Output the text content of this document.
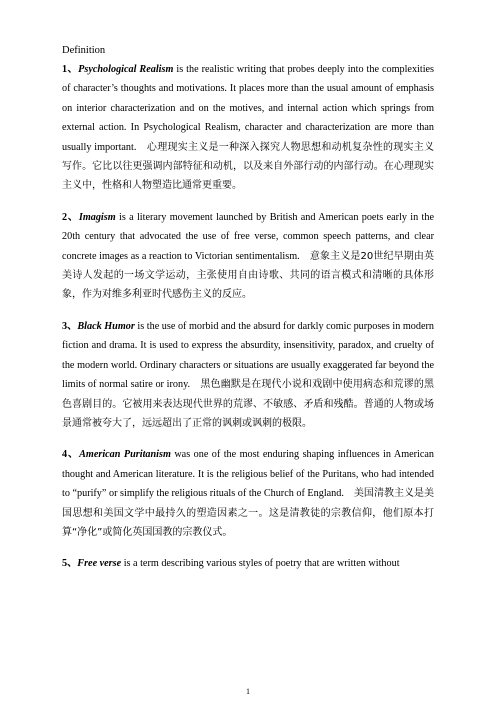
Definition

1、Psychological Realism is the realistic writing that probes deeply into the complexities of character’s thoughts and motivations. It places more than the usual amount of emphasis on interior characterization and on the motives, and internal action which springs from external action. In Psychological Realism, character and characterization are more than usually important.　心理现实主义是一种深入探究人物思想和动机复杂性的现实主义写作。它比以往更强调内部特征和动机，以及来自外部行动的内部行动。在心理现实主义中，性格和人物塑造比通常更重要。

2、Imagism is a literary movement launched by British and American poets early in the 20th century that advocated the use of free verse, common speech patterns, and clear concrete images as a reaction to Victorian sentimentalism.　意象主义是20世纪早期由英美诗人发起的一场文学运动，主张使用自由诗歌、共同的语言模式和清晰的具体形象，作为对维多利亚时代感伤主义的反应。

3、Black Humor is the use of morbid and the absurd for darkly comic purposes in modern fiction and drama. It is used to express the absurdity, insensitivity, paradox, and cruelty of the modern world. Ordinary characters or situations are usually exaggerated far beyond the limits of normal satire or irony.　黑色幽默是在现代小说和戏剧中使用病态和荒谬的黑色喜剧目的。它被用来表达现代世界的荒谬、不敏感、矛盾和残酷。普通的人物或场景通常被夸大了，远远超出了正常的讽刺或讽刺的极限。

4、American Puritanism was one of the most enduring shaping influences in American thought and American literature. It is the religious belief of the Puritans, who had intended to “purify” or simplify the religious rituals of the Church of England.　美国清教主义是美国思想和美国文学中最持久的塑造因素之一。这是清教徒的宗教信仰，他们原本打算“净化”或简化英国国教的宗教仪式。

5、Free verse is a term describing various styles of poetry that are written without

1
